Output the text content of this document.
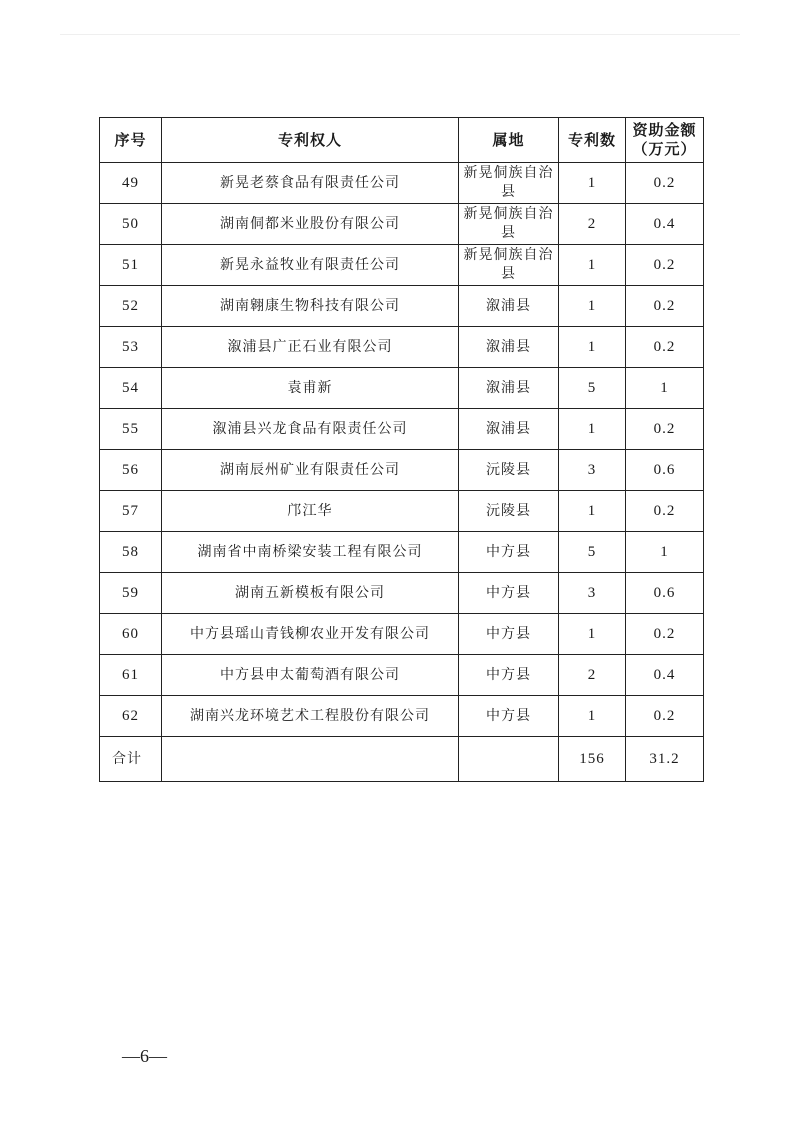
序号	专利权人	属地	专利数	资助金额（万元）
49	新晃老蔡食品有限责任公司	新晃侗族自治县	1	0.2
50	湖南侗都米业股份有限公司	新晃侗族自治县	2	0.4
51	新晃永益牧业有限责任公司	新晃侗族自治县	1	0.2
52	湖南翱康生物科技有限公司	溆浦县	1	0.2
53	溆浦县广正石业有限公司	溆浦县	1	0.2
54	袁甫新	溆浦县	5	1
55	溆浦县兴龙食品有限责任公司	溆浦县	1	0.2
56	湖南辰州矿业有限责任公司	沅陵县	3	0.6
57	邝江华	沅陵县	1	0.2
58	湖南省中南桥梁安装工程有限公司	中方县	5	1
59	湖南五新模板有限公司	中方县	3	0.6
60	中方县瑶山青钱柳农业开发有限公司	中方县	1	0.2
61	中方县申太葡萄酒有限公司	中方县	2	0.4
62	湖南兴龙环境艺术工程股份有限公司	中方县	1	0.2
合计			156	31.2
—6—
